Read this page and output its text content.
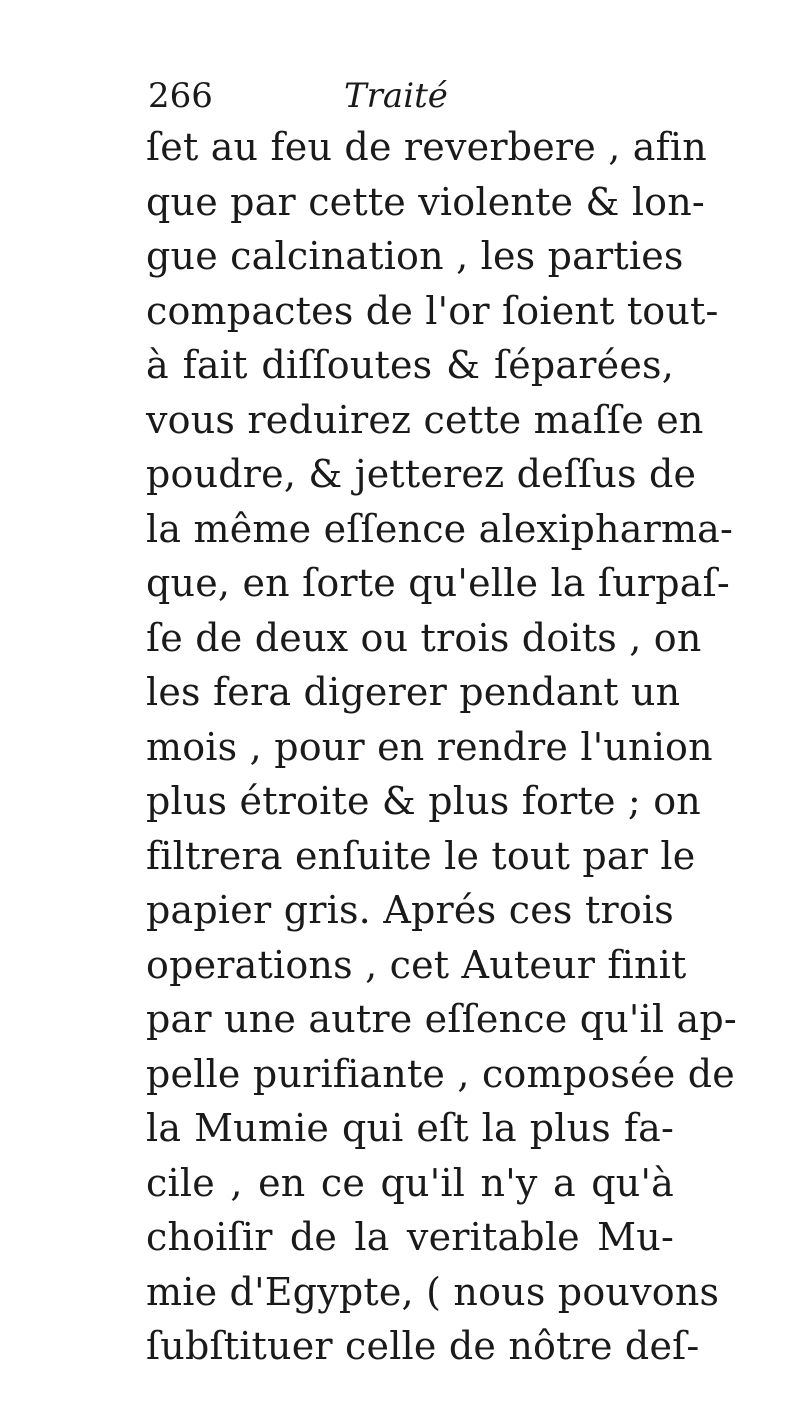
266	Traité
ſet au feu de reverbere , afin
que par cette violente & lon-
gue calcination , les parties
compactes de l'or ſoient tout-
à fait diſſoutes & ſéparées,
vous reduirez cette maſſe en
poudre, & jetterez deſſus de
la même eſſence alexipharma-
que, en ſorte qu'elle la ſurpaſ-
ſe de deux ou trois doits , on
les fera digerer pendant un
mois , pour en rendre l'union
plus étroite & plus forte ; on
filtrera enſuite le tout par le
papier gris. Aprés ces trois
operations , cet Auteur finit
par une autre eſſence qu'il ap-
pelle purifiante , composée de
la Mumie qui eſt la plus fa-
cile , en ce qu'il n'y a qu'à
choiſir de la veritable Mu-
mie d'Egypte, ( nous pouvons
ſubſtituer celle de nôtre deſ-
